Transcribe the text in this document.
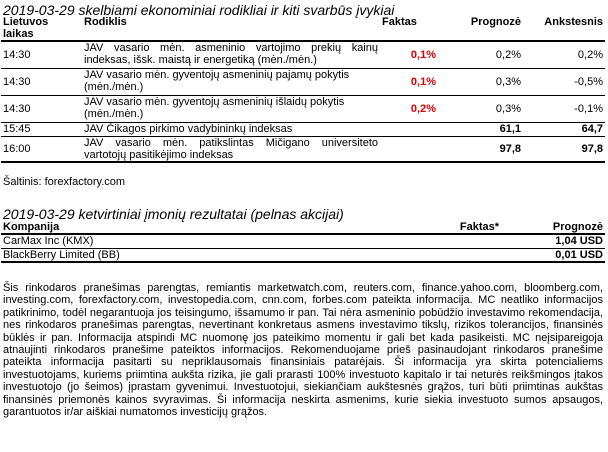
2019-03-29 skelbiami ekonominiai rodikliai ir kiti svarbūs įvykiai
Lietuvos laikas	Rodiklis	Faktas	Prognozė	Ankstesnis
14:30	JAV vasario mėn. asmeninio vartojimo prekių kainų indeksas, išsk. maistą ir energetiką (mėn./mėn.)	0,1%	0,2%	0,2%
14:30	JAV vasario mėn. gyventojų asmeninių pajamų pokytis (mėn./mėn.)	0,1%	0,3%	-0,5%
14:30	JAV vasario mėn. gyventojų asmeninių išlaidų pokytis (mėn./mėn.)	0,2%	0,3%	-0,1%
15:45	JAV Čikagos pirkimo vadybininkų indeksas		61,1	64,7
16:00	JAV vasario mėn. patikslintas Mičigano universiteto vartotojų pasitikėjimo indeksas		97,8	97,8
Šaltinis: forexfactory.com
2019-03-29 ketvirtiniai įmonių rezultatai (pelnas akcijai)
Kompanija	Faktas*	Prognozė
CarMax Inc (KMX)		1,04 USD
BlackBerry Limited (BB)		0,01 USD
Šis rinkodaros pranešimas parengtas, remiantis marketwatch.com, reuters.com, finance.yahoo.com, bloomberg.com, investing.com, forexfactory.com, investopedia.com, cnn.com, forbes.com pateikta informacija. MC neatliko informacijos patikrinimo, todėl negarantuoja jos teisingumo, išsamumo ir pan. Tai nėra asmeninio pobūdžio investavimo rekomendacija, nes rinkodaros pranešimas parengtas, nevertinant konkretaus asmens investavimo tikslų, rizikos tolerancijos, finansinės būklės ir pan. Informacija atspindi MC nuomonę jos pateikimo momentu ir gali bet kada pasikeisti. MC neįsipareigoja atnaujinti rinkodaros pranešime pateiktos informacijos. Rekomenduojame prieš pasinaudojant rinkodaros pranešime pateikta informacija pasitarti su nepriklausomais finansiniais patarėjais. Ši informacija yra skirta potencialiems investuotojams, kuriems priimtina aukšta rizika, jie gali prarasti 100% investuoto kapitalo ir tai neturės reikšmingos įtakos investuotojo (jo šeimos) įprastam gyvenimui. Investuotojui, siekiančiam aukštesnės grąžos, turi būti priimtinas aukštas finansinės priemonės kainos svyravimas. Ši informacija neskirta asmenims, kurie siekia investuoto sumos apsaugos, garantuotos ir/ar aiškiai numatomos investicijų grąžos.
